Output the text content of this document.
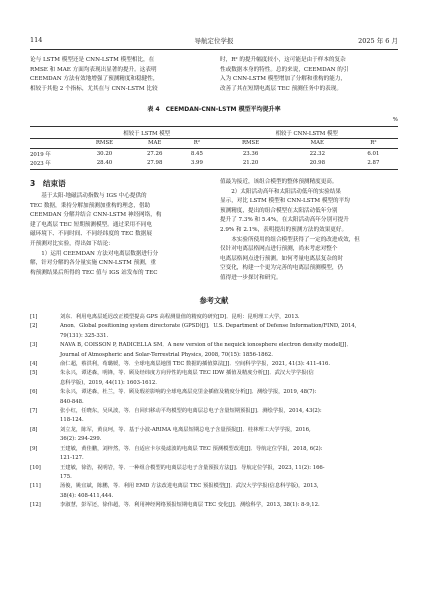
114	导航定位学报	2025 年 6 月

论与 LSTM 模型还是 CNN-LSTM 模型相比，在

RMSE 和 MAE 方面均表现出显著的提升。这表明

CEEMDAN 方法有效地增强了预测精度和稳健性，

相较于其他 2 个指标，尤其在与 CNN-LSTM 比较

时，R² 的提升幅度较小，这可能是由于样本的复杂

性或数据本身的特性。总的来说，CEEMDAN 的引

入为 CNN-LSTM 模型增加了分解和重构的能力，

改善了其在短期电离层 TEC 预测任务中的表现。

表 4　CEEMDAN-CNN-LSTM 模型平均提升率
%
	相较于 LSTM 模型			相较于 CNN-LSTM 模型		
	RMSE	MAE	R²	RMSE	MAE	R²
2019 年	30.20	27.26	8.45	23.36	22.32	6.01
2023 年	28.40	27.98	3.99	21.20	20.98	2.87
3　结束语

　　基于太阳-地磁活动指数与 IGS 中心提供的

TEC 数据，秉持分解加预测加重构的理念，借助

CEEMDAN 分解并结合 CNN-LSTM 神经网络，构

建了电离层 TEC 短期预测模型。通过采用不同电

磁环境下、不同时间、不同经纬度的 TEC 数据展

开预测对比实验，得出如下结论：

　　1）运用 CEEMDAN 方法对电离层数据进行分

解，针对分解的各分量实施 CNN-LSTM 预测，重

构预测结果后所得的 TEC 值与 IGS 站发布的 TEC

值最为接近，该组合模型的整体预测精度更高。

　　2）太阳活动高年和太阳活动低年的实验结果

显示，对比 LSTM 模型和 CNN-LSTM 模型的平均

预测精度，提出的组合模型在太阳活动低年分别

提升了 7.3% 和 5.4%，在太阳活动高年分别可提升

2.9% 和 2.1%，表明提出的预测方法的效果更好。

　　本实验所使用的组合模型获得了一定的改进成效，但

仅针对电离层格网点进行预测，尚未考虑对整个

电离层格网点进行预测。如何考量电离层复杂的时

空变化，构建一个更为完善的电离层预测模型，仍

值得进一步探讨和研究。

参考文献
[1]	刘东．利用电离层延迟改正模型提高 GPS 高程测量值的精度的研究[D]．昆明：昆明理工大学，2013.
[2]	Anon．Global positioning system directorate (GPSD)[J]．U.S. Department of Defense Information/FIND, 2014,
79(131): 325-331.
[3]	NAVA B, COISSON P, RADICELLA SM．A new version of the nequick ionosphere electron density model[J]．
Journal of Atmospheric and Solar-Terrestrial Physics, 2008, 70(15): 1856-1862.
[4]	俞仁超，蔡洪利，荀璐媛，等．全球电离层地图 TEC 数据的插值算法[J]．空间科学学报，2021, 41(3): 411-416.
[5]	朱永兴，谭述森，明锋，等．顾及经纬度方向异性的电离层 TEC IDW 插值及精度分析[J]．武汉大学学报(信
息科学版)，2019, 44(11): 1603-1612.
[6]	朱永兴，谭述森，杜兰，等．顾及瑕差影响的全球电离层克里金插值及精度分析[J]．测绘学报，2019, 48(7):
840-848.
[7]	张小红，任晓东，吴风波，等．自回归移动平均模型的电离层总电子含量短期预报[J]．测绘学报，2014, 43(2):
118-124.
[8]	刘立龙，陈军，黄良珂，等．基于小波-ARIMA 电离层短期总电子含量预报[J]．桂林理工大学学报，2016,
36(2): 294-299.
[9]	王建敏，黄佳鹏，刘梓然，等．自适应卡尔曼滤波的电离层 TEC 预测模型改进[J]．导航定位学报，2018, 6(2):
121-127.
[10]	王建敏，徐浩，祝明岩，等．一种组合模型的电离层总电子含量预报方法[J]．导航定位学报，2023, 11(2): 166-
175.
[11]	汤俊，姚宜斌，陈鹏，等．利用 EMD 方法改进电离层 TEC 预报模型[J]．武汉大学学报(信息科学版)，2013,
38(4): 408-411,444.
[12]	李淑慧，彭军还，徐伟超，等．利用神经网络预报短期电离层 TEC 变化[J]．测绘科学，2013, 38(1): 8-9,12.
